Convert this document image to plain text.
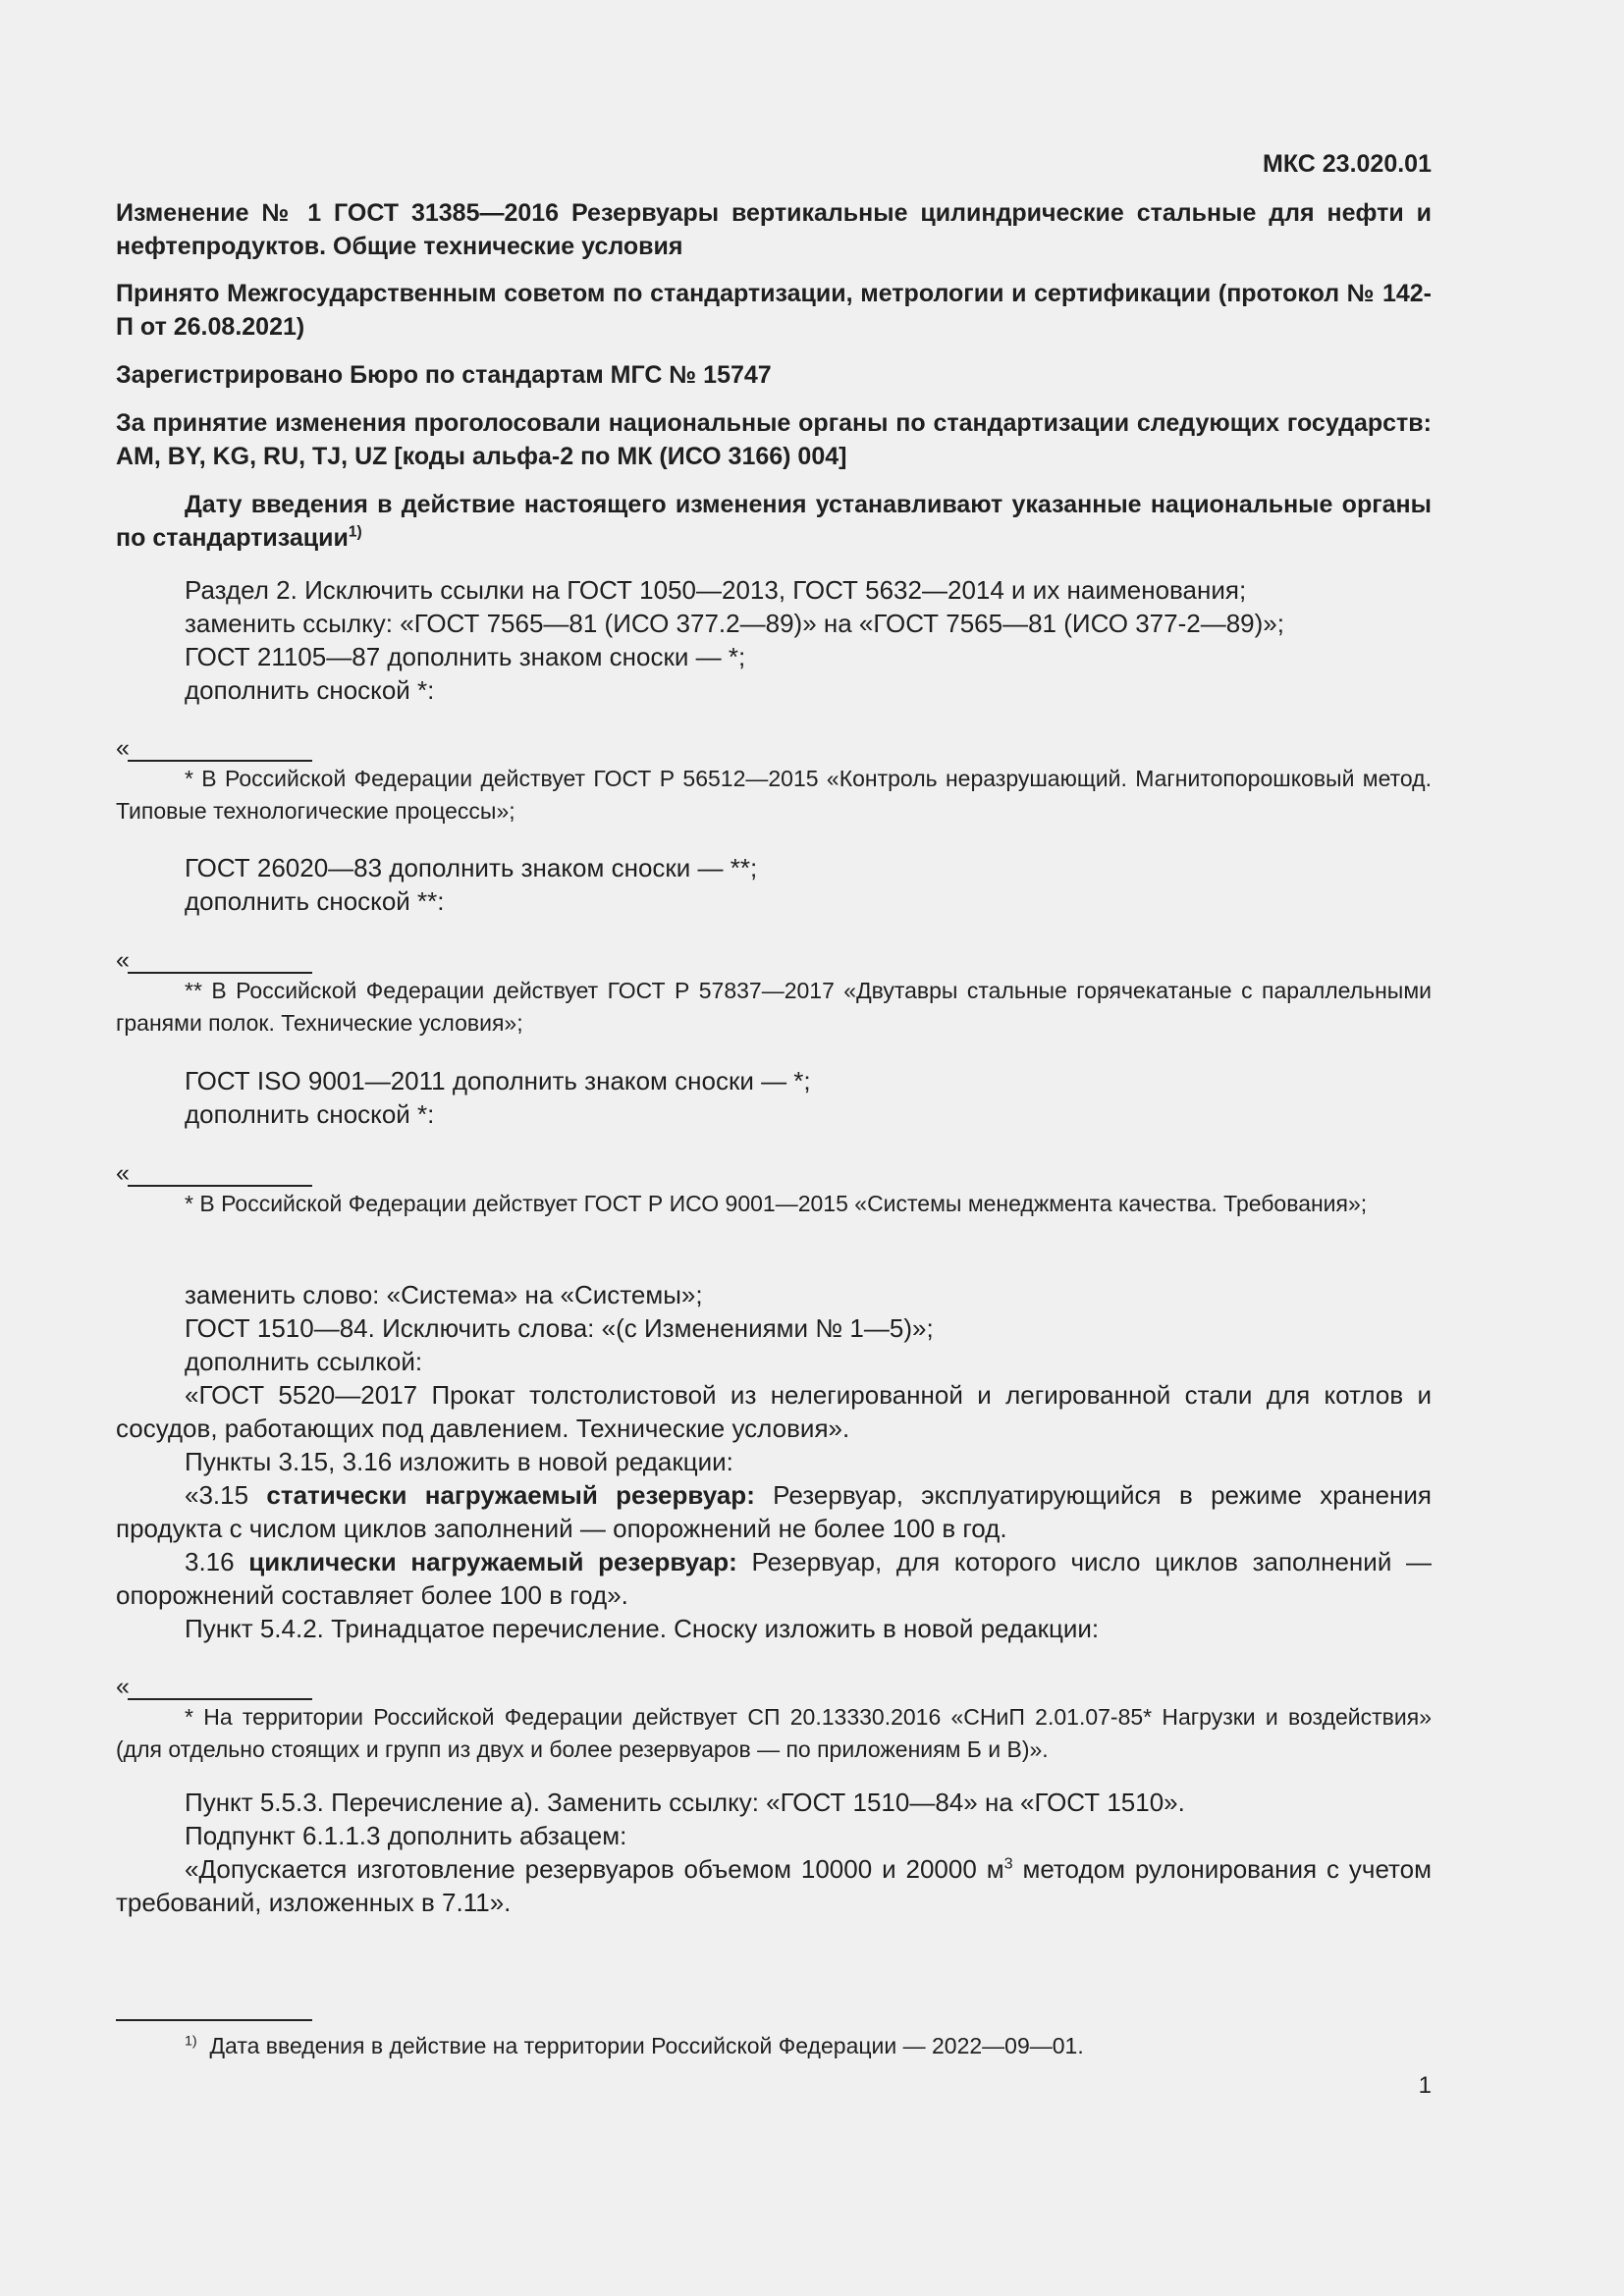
МКС 23.020.01
Изменение № 1 ГОСТ 31385—2016 Резервуары вертикальные цилиндрические стальные для нефти и нефтепродуктов. Общие технические условия
Принято Межгосударственным советом по стандартизации, метрологии и сертификации (протокол № 142-П от 26.08.2021)
Зарегистрировано Бюро по стандартам МГС № 15747
За принятие изменения проголосовали национальные органы по стандартизации следующих государств: AM, BY, KG, RU, TJ, UZ [коды альфа-2 по МК (ИСО 3166) 004]
Дату введения в действие настоящего изменения устанавливают указанные национальные органы по стандартизации$^{1)}$
Раздел 2. Исключить ссылки на ГОСТ 1050—2013, ГОСТ 5632—2014 и их наименования;
заменить ссылку: «ГОСТ 7565—81 (ИСО 377.2—89)» на «ГОСТ 7565—81 (ИСО 377-2—89)»;
ГОСТ 21105—87 дополнить знаком сноски — *;
дополнить сноской *:
«
* В Российской Федерации действует ГОСТ Р 56512—2015 «Контроль неразрушающий. Магнитопорошковый метод. Типовые технологические процессы»;
ГОСТ 26020—83 дополнить знаком сноски — **;
дополнить сноской **:
«
** В Российской Федерации действует ГОСТ Р 57837—2017 «Двутавры стальные горячекатаные с параллельными гранями полок. Технические условия»;
ГОСТ ISO 9001—2011 дополнить знаком сноски — *;
дополнить сноской *:
«
* В Российской Федерации действует ГОСТ Р ИСО 9001—2015 «Системы менеджмента качества. Требования»;
заменить слово: «Система» на «Системы»;
ГОСТ 1510—84. Исключить слова: «(с Изменениями № 1—5)»;
дополнить ссылкой:
«ГОСТ 5520—2017 Прокат толстолистовой из нелегированной и легированной стали для котлов и сосудов, работающих под давлением. Технические условия».
Пункты 3.15, 3.16 изложить в новой редакции:
«3.15 статически нагружаемый резервуар: Резервуар, эксплуатирующийся в режиме хранения продукта с числом циклов заполнений — опорожнений не более 100 в год.
3.16 циклически нагружаемый резервуар: Резервуар, для которого число циклов заполнений — опорожнений составляет более 100 в год».
Пункт 5.4.2. Тринадцатое перечисление. Сноску изложить в новой редакции:
«
* На территории Российской Федерации действует СП 20.13330.2016 «СНиП 2.01.07-85* Нагрузки и воздействия» (для отдельно стоящих и групп из двух и более резервуаров — по приложениям Б и В)».
Пункт 5.5.3. Перечисление а). Заменить ссылку: «ГОСТ 1510—84» на «ГОСТ 1510».
Подпункт 6.1.1.3 дополнить абзацем:
«Допускается изготовление резервуаров объемом 10000 и 20000 $м^3$ методом рулонирования с учетом требований, изложенных в 7.11».
$^{1)}$ Дата введения в действие на территории Российской Федерации — 2022—09—01.
1
